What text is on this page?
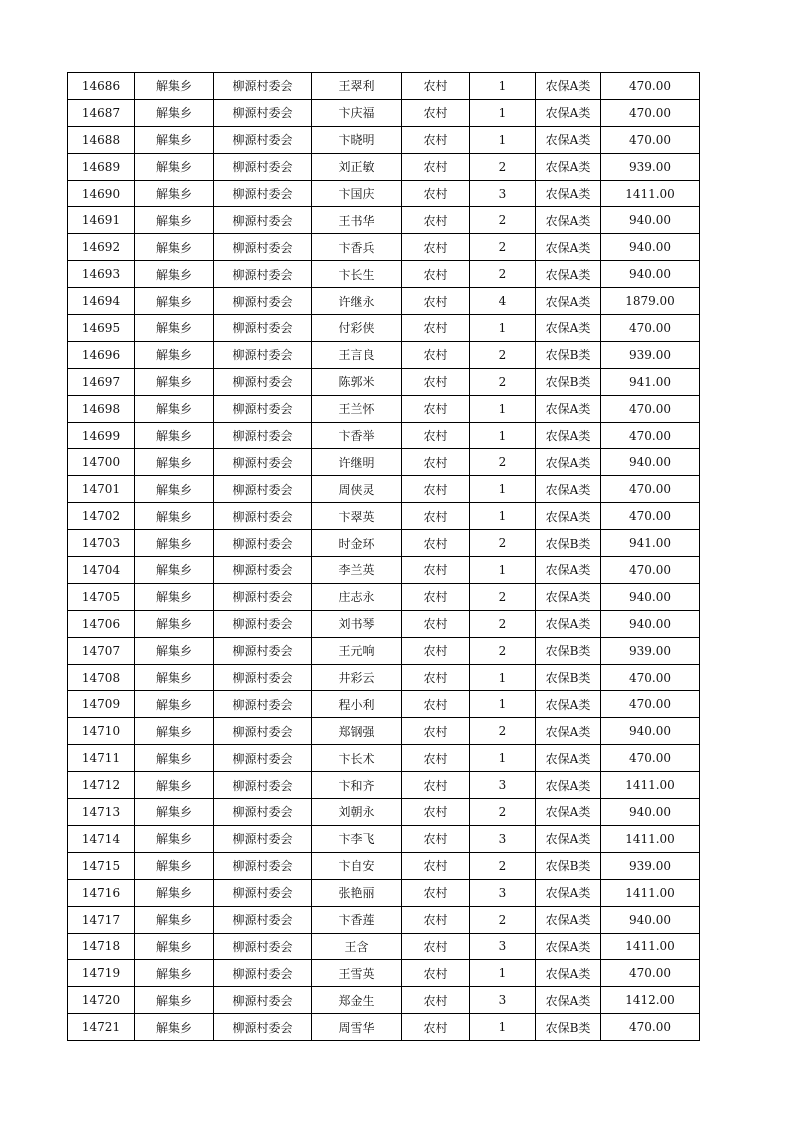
14686	解集乡	柳源村委会	王翠利	农村	1	农保A类	470.00
14687	解集乡	柳源村委会	卞庆福	农村	1	农保A类	470.00
14688	解集乡	柳源村委会	卞晓明	农村	1	农保A类	470.00
14689	解集乡	柳源村委会	刘正敏	农村	2	农保A类	939.00
14690	解集乡	柳源村委会	卞国庆	农村	3	农保A类	1411.00
14691	解集乡	柳源村委会	王书华	农村	2	农保A类	940.00
14692	解集乡	柳源村委会	卞香兵	农村	2	农保A类	940.00
14693	解集乡	柳源村委会	卞长生	农村	2	农保A类	940.00
14694	解集乡	柳源村委会	许继永	农村	4	农保A类	1879.00
14695	解集乡	柳源村委会	付彩侠	农村	1	农保A类	470.00
14696	解集乡	柳源村委会	王言良	农村	2	农保B类	939.00
14697	解集乡	柳源村委会	陈郭米	农村	2	农保B类	941.00
14698	解集乡	柳源村委会	王兰怀	农村	1	农保A类	470.00
14699	解集乡	柳源村委会	卞香举	农村	1	农保A类	470.00
14700	解集乡	柳源村委会	许继明	农村	2	农保A类	940.00
14701	解集乡	柳源村委会	周侠灵	农村	1	农保A类	470.00
14702	解集乡	柳源村委会	卞翠英	农村	1	农保A类	470.00
14703	解集乡	柳源村委会	时金环	农村	2	农保B类	941.00
14704	解集乡	柳源村委会	李兰英	农村	1	农保A类	470.00
14705	解集乡	柳源村委会	庄志永	农村	2	农保A类	940.00
14706	解集乡	柳源村委会	刘书琴	农村	2	农保A类	940.00
14707	解集乡	柳源村委会	王元响	农村	2	农保B类	939.00
14708	解集乡	柳源村委会	井彩云	农村	1	农保B类	470.00
14709	解集乡	柳源村委会	程小利	农村	1	农保A类	470.00
14710	解集乡	柳源村委会	郑钢强	农村	2	农保A类	940.00
14711	解集乡	柳源村委会	卞长术	农村	1	农保A类	470.00
14712	解集乡	柳源村委会	卞和齐	农村	3	农保A类	1411.00
14713	解集乡	柳源村委会	刘朝永	农村	2	农保A类	940.00
14714	解集乡	柳源村委会	卞李飞	农村	3	农保A类	1411.00
14715	解集乡	柳源村委会	卞自安	农村	2	农保B类	939.00
14716	解集乡	柳源村委会	张艳丽	农村	3	农保A类	1411.00
14717	解集乡	柳源村委会	卞香莲	农村	2	农保A类	940.00
14718	解集乡	柳源村委会	王含	农村	3	农保A类	1411.00
14719	解集乡	柳源村委会	王雪英	农村	1	农保A类	470.00
14720	解集乡	柳源村委会	郑金生	农村	3	农保A类	1412.00
14721	解集乡	柳源村委会	周雪华	农村	1	农保B类	470.00
